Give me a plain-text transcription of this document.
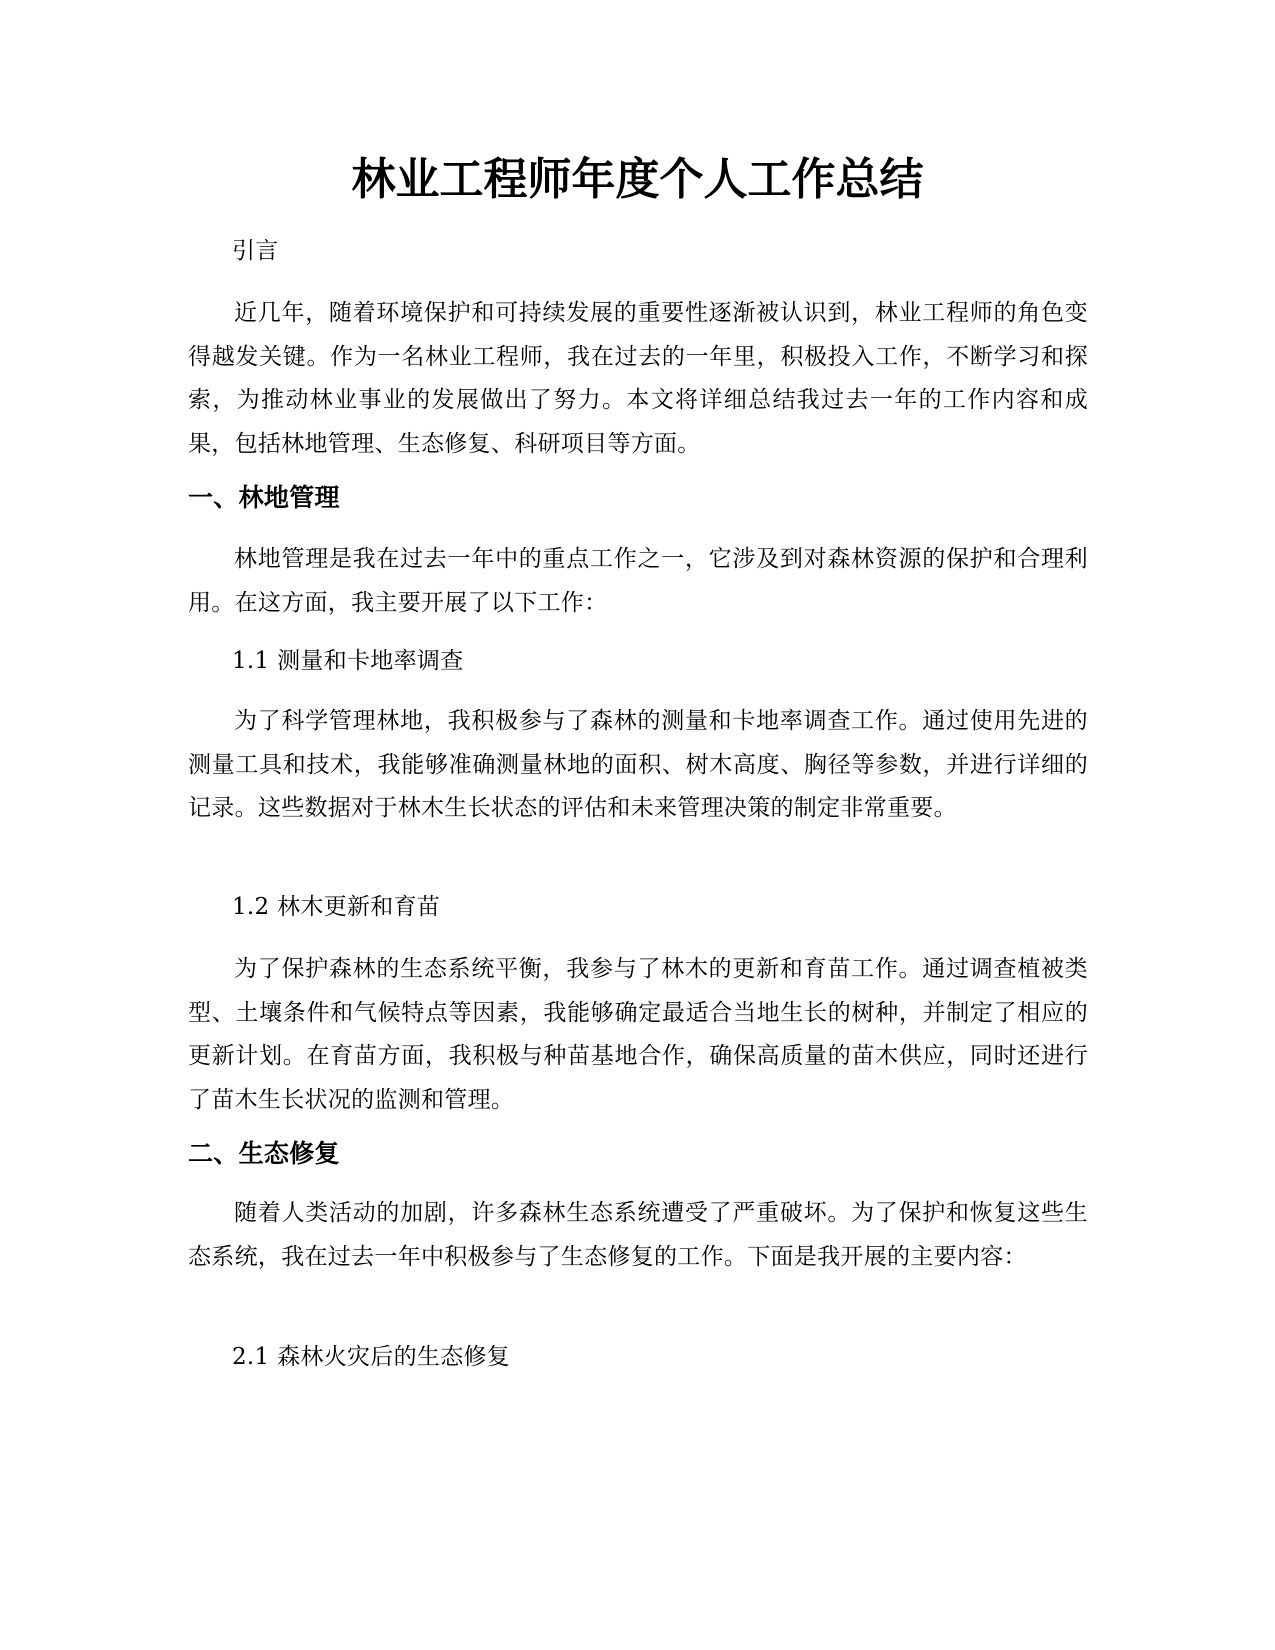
林业工程师年度个人工作总结

引言

近几年，随着环境保护和可持续发展的重要性逐渐被认识到，林业工程师的角色变得越发关键。作为一名林业工程师，我在过去的一年里，积极投入工作，不断学习和探索，为推动林业事业的发展做出了努力。本文将详细总结我过去一年的工作内容和成果，包括林地管理、生态修复、科研项目等方面。

一、林地管理

林地管理是我在过去一年中的重点工作之一，它涉及到对森林资源的保护和合理利用。在这方面，我主要开展了以下工作：

1.1 测量和卡地率调查

为了科学管理林地，我积极参与了森林的测量和卡地率调查工作。通过使用先进的测量工具和技术，我能够准确测量林地的面积、树木高度、胸径等参数，并进行详细的记录。这些数据对于林木生长状态的评估和未来管理决策的制定非常重要。

1.2 林木更新和育苗

为了保护森林的生态系统平衡，我参与了林木的更新和育苗工作。通过调查植被类型、土壤条件和气候特点等因素，我能够确定最适合当地生长的树种，并制定了相应的更新计划。在育苗方面，我积极与种苗基地合作，确保高质量的苗木供应，同时还进行了苗木生长状况的监测和管理。

二、生态修复

随着人类活动的加剧，许多森林生态系统遭受了严重破坏。为了保护和恢复这些生态系统，我在过去一年中积极参与了生态修复的工作。下面是我开展的主要内容：

2.1 森林火灾后的生态修复
